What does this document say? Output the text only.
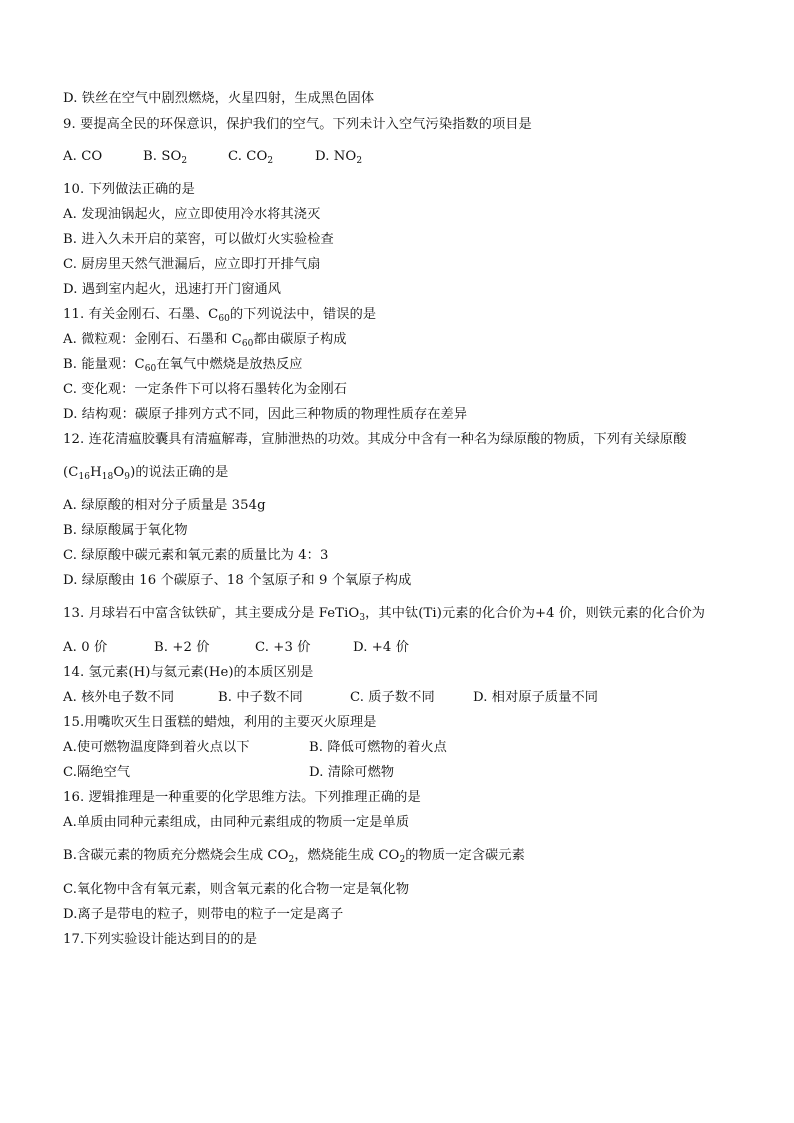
D. 铁丝在空气中剧烈燃烧，火星四射，生成黑色固体
9. 要提高全民的环保意识，保护我们的空气。下列未计入空气污染指数的项目是
A. CO	B. $SO_2$	C. $CO_2$	D. $NO_2$
10. 下列做法正确的是
A. 发现油锅起火，应立即使用冷水将其浇灭
B. 进入久未开启的菜窖，可以做灯火实验检查
C. 厨房里天然气泄漏后，应立即打开排气扇
D. 遇到室内起火，迅速打开门窗通风
11. 有关金刚石、石墨、$C_{60}$的下列说法中，错误的是
A. 微粒观：金刚石、石墨和 $C_{60}$都由碳原子构成
B. 能量观：$C_{60}$在氧气中燃烧是放热反应
C. 变化观：一定条件下可以将石墨转化为金刚石
D. 结构观：碳原子排列方式不同，因此三种物质的物理性质存在差异
12. 连花清瘟胶囊具有清瘟解毒，宣肺泄热的功效。其成分中含有一种名为绿原酸的物质，下列有关绿原酸
$(C_{16}H_{18}O_9)$的说法正确的是
A. 绿原酸的相对分子质量是 354g
B. 绿原酸属于氧化物
C. 绿原酸中碳元素和氧元素的质量比为 4：3
D. 绿原酸由 16 个碳原子、18 个氢原子和 9 个氧原子构成
13. 月球岩石中富含钛铁矿，其主要成分是 FeTiO$_3$，其中钛(Ti)元素的化合价为+4 价，则铁元素的化合价为
A. 0 价	B. +2 价	C. +3 价	D. +4 价
14. 氢元素(H)与氦元素(He)的本质区别是
A. 核外电子数不同	B. 中子数不同	C. 质子数不同	D. 相对原子质量不同
15.用嘴吹灭生日蛋糕的蜡烛，利用的主要灭火原理是
A.使可燃物温度降到着火点以下	B. 降低可燃物的着火点
C.隔绝空气	D. 清除可燃物
16. 逻辑推理是一种重要的化学思维方法。下列推理正确的是
A.单质由同种元素组成，由同种元素组成的物质一定是单质
B.含碳元素的物质充分燃烧会生成 $CO_2$，燃烧能生成 $CO_2$的物质一定含碳元素
C.氧化物中含有氧元素，则含氧元素的化合物一定是氧化物
D.离子是带电的粒子，则带电的粒子一定是离子
17.下列实验设计能达到目的的是
